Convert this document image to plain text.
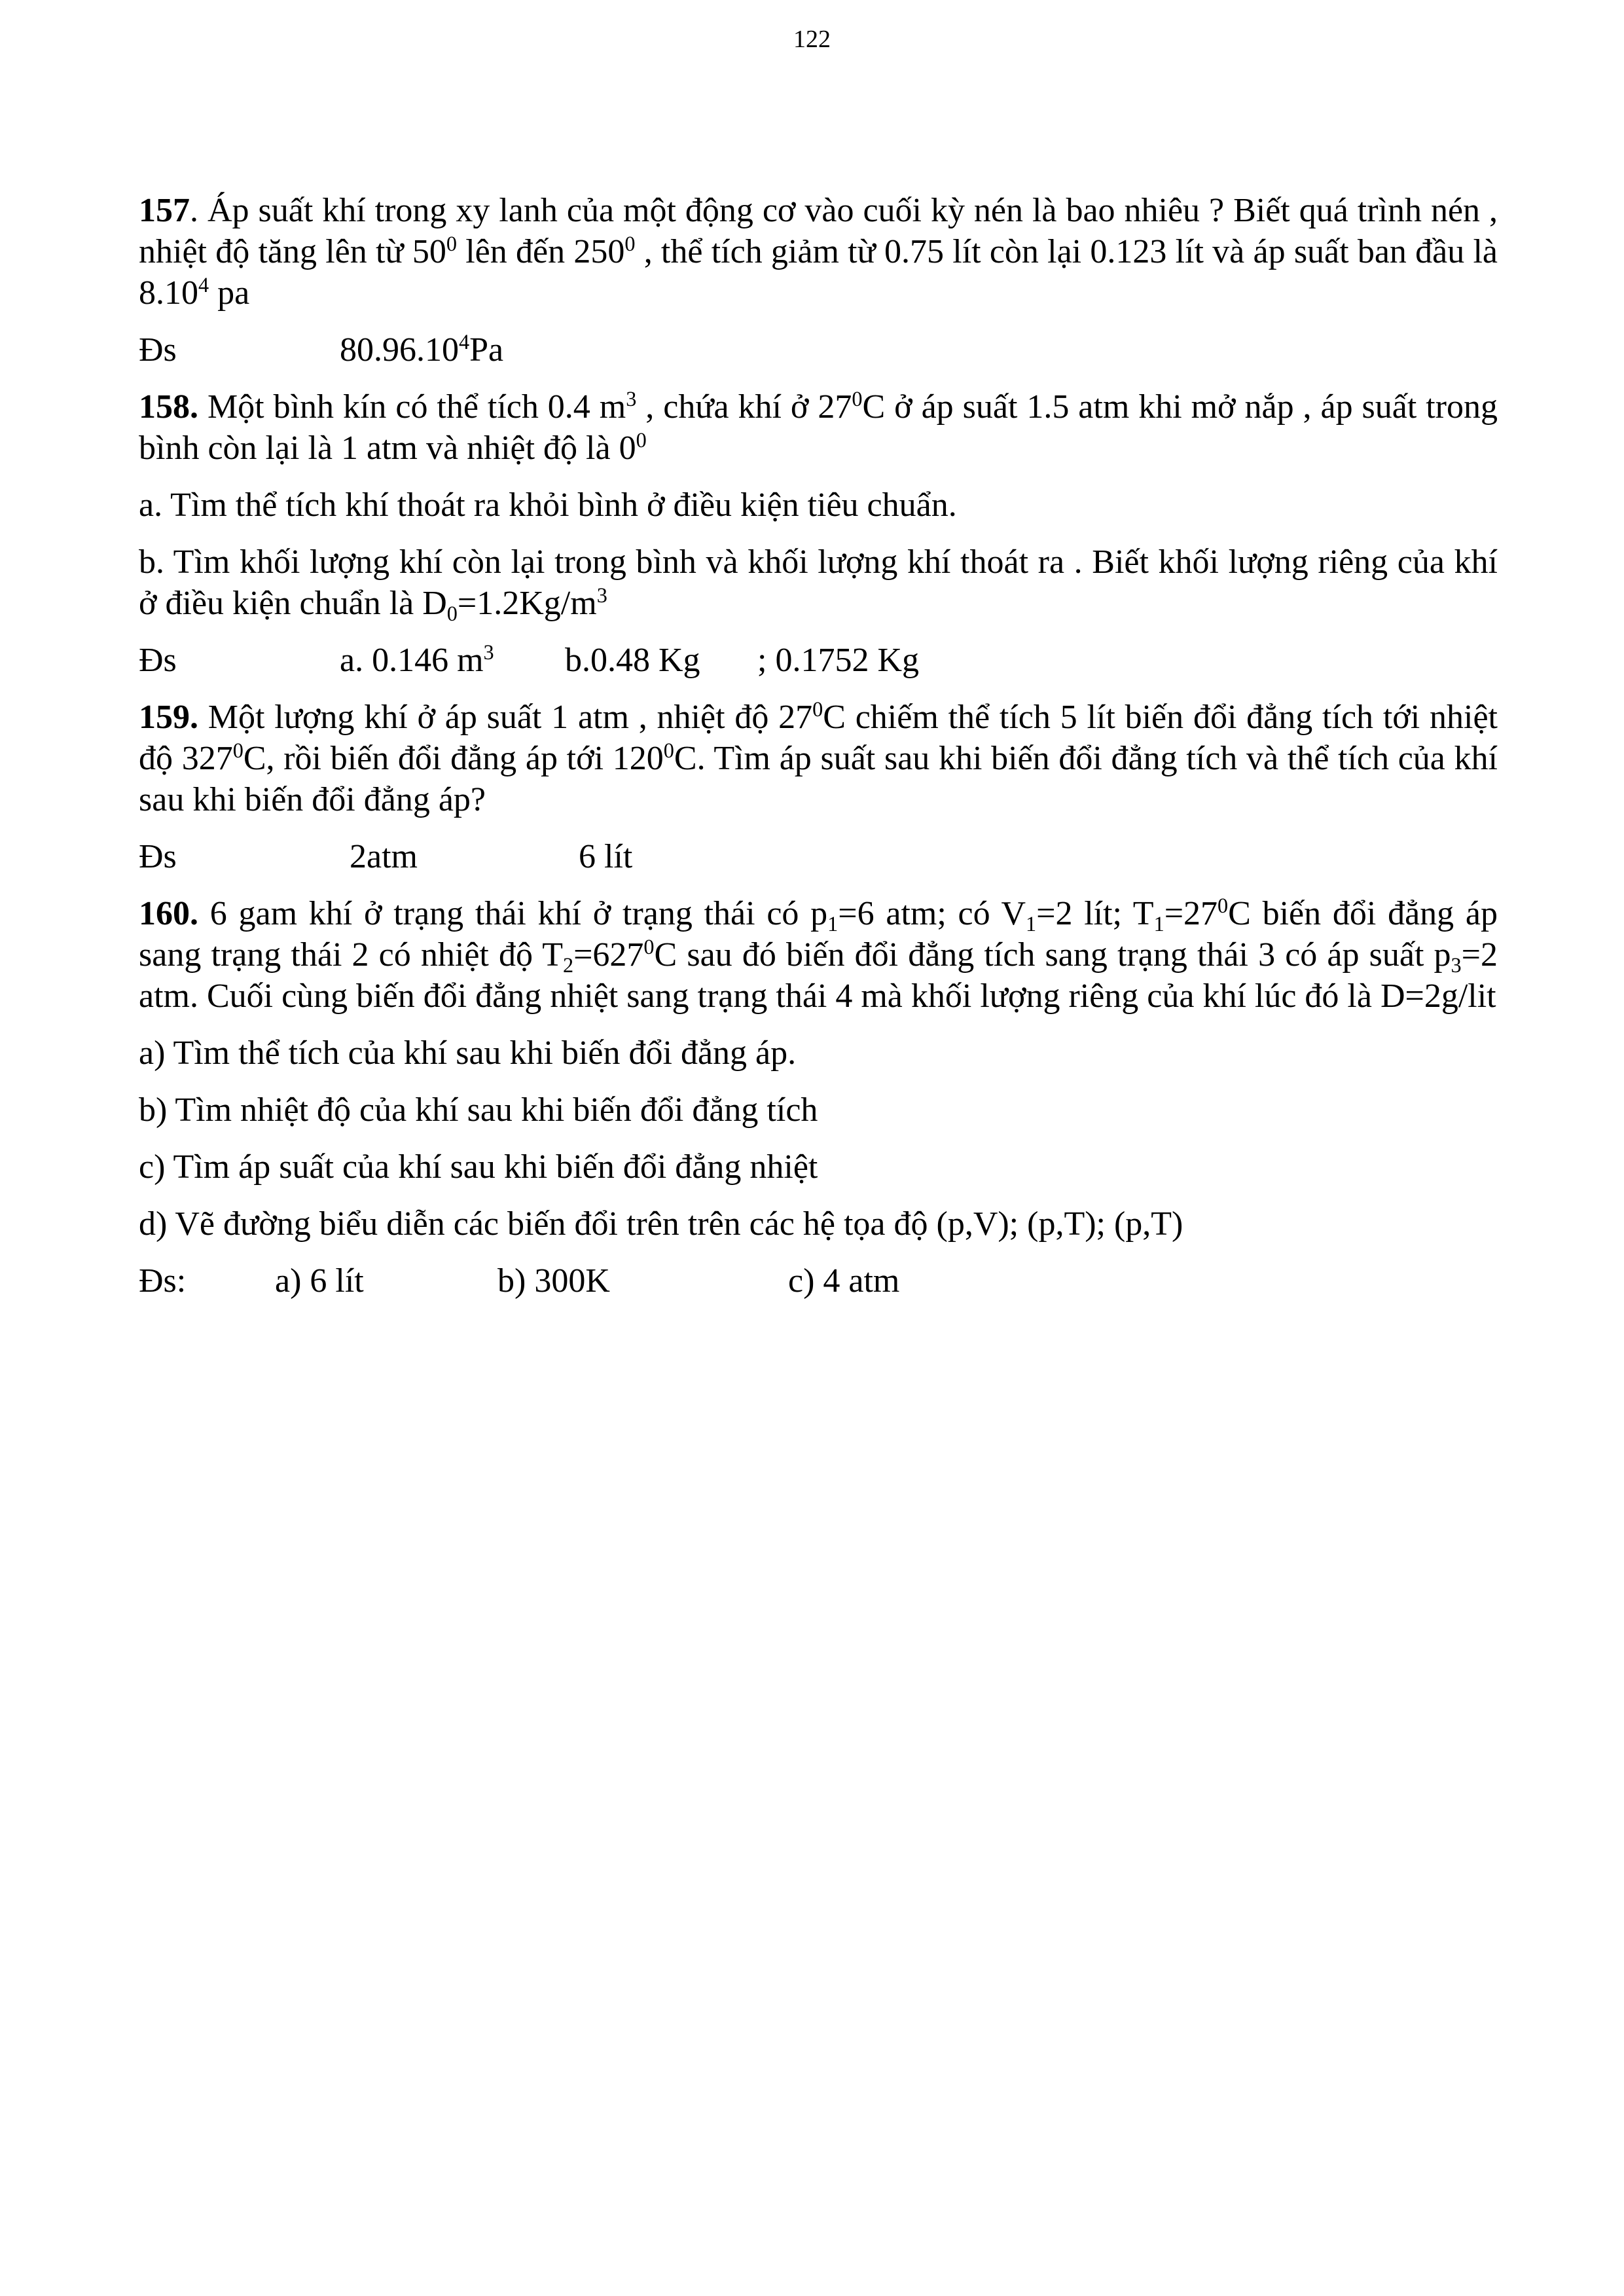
122

157. Áp suất khí trong xy lanh của một động cơ vào cuối kỳ nén là bao nhiêu ? Biết quá trình nén , nhiệt độ tăng lên từ $50^0$ lên đến $250^0$ , thể tích giảm từ 0.75 lít còn lại 0.123 lít và áp suất ban đầu là 8.10$^4$ pa

Đs	80.96.10$^4$Pa

158. Một bình kín có thể tích 0.4 $m^3$ , chứa khí ở $27^0C$ ở áp suất 1.5 atm khi mở nắp , áp suất trong bình còn lại là 1 atm và nhiệt độ là $0^0$

a. Tìm thể tích khí thoát ra khỏi bình ở điều kiện tiêu chuẩn.

b. Tìm khối lượng khí còn lại trong bình và khối lượng khí thoát ra . Biết khối lượng riêng của khí ở điều kiện chuẩn là $D_0=1.2Kg/m^3$

Đs	a. 0.146 $m^3$ b.0.48 Kg ; 0.1752 Kg

159. Một lượng khí ở áp suất 1 atm , nhiệt độ $27^0C$ chiếm thể tích 5 lít biến đổi đẳng tích tới nhiệt độ $327^0C$, rồi biến đổi đẳng áp tới $120^0C$. Tìm áp suất sau khi biến đổi đẳng tích và thể tích của khí sau khi biến đổi đẳng áp?

Đs	2atm	6 lít

160. 6 gam khí ở trạng thái khí ở trạng thái có $p_1=6$ atm; có $V_1=2$ lít; $T_1=27^0C$ biến đổi đẳng áp sang trạng thái 2 có nhiệt độ $T_2=627^0C$ sau đó biến đổi đẳng tích sang trạng thái 3 có áp suất $p_3=2$ atm. Cuối cùng biến đổi đẳng nhiệt sang trạng thái 4 mà khối lượng riêng của khí lúc đó là D=2g/lit

a) Tìm thể tích của khí sau khi biến đổi đẳng áp.

b) Tìm nhiệt độ của khí sau khi biến đổi đẳng tích

c) Tìm áp suất của khí sau khi biến đổi đẳng nhiệt

d) Vẽ đường biểu diễn các biến đổi trên trên các hệ tọa độ (p,V); (p,T); (p,T)

Đs:	a) 6 lít	b) 300K	c) 4 atm
